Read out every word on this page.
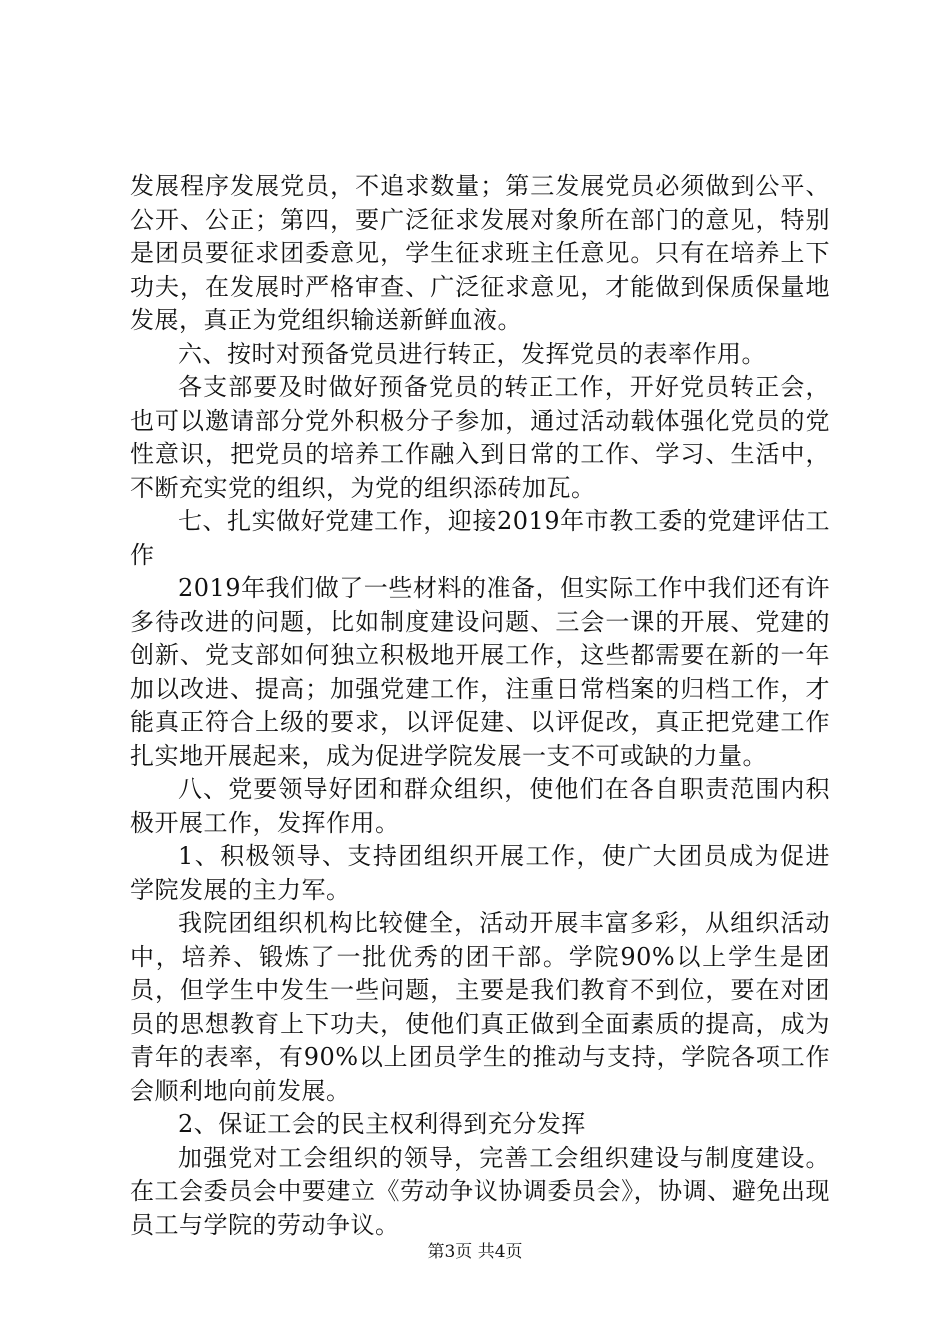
发展程序发展党员，不追求数量；第三发展党员必须做到公平、公开、公正；第四，要广泛征求发展对象所在部门的意见，特别是团员要征求团委意见，学生征求班主任意见。只有在培养上下功夫，在发展时严格审查、广泛征求意见，才能做到保质保量地发展，真正为党组织输送新鲜血液。

六、按时对预备党员进行转正，发挥党员的表率作用。

各支部要及时做好预备党员的转正工作，开好党员转正会，也可以邀请部分党外积极分子参加，通过活动载体强化党员的党性意识，把党员的培养工作融入到日常的工作、学习、生活中，不断充实党的组织，为党的组织添砖加瓦。

七、扎实做好党建工作，迎接2019年市教工委的党建评估工作

2019年我们做了一些材料的准备，但实际工作中我们还有许多待改进的问题，比如制度建设问题、三会一课的开展、党建的创新、党支部如何独立积极地开展工作，这些都需要在新的一年加以改进、提高；加强党建工作，注重日常档案的归档工作，才能真正符合上级的要求，以评促建、以评促改，真正把党建工作扎实地开展起来，成为促进学院发展一支不可或缺的力量。

八、党要领导好团和群众组织，使他们在各自职责范围内积极开展工作，发挥作用。

1、积极领导、支持团组织开展工作，使广大团员成为促进学院发展的主力军。

我院团组织机构比较健全，活动开展丰富多彩，从组织活动中，培养、锻炼了一批优秀的团干部。学院90%以上学生是团员，但学生中发生一些问题，主要是我们教育不到位，要在对团员的思想教育上下功夫，使他们真正做到全面素质的提高，成为青年的表率，有90%以上团员学生的推动与支持，学院各项工作会顺利地向前发展。

2、保证工会的民主权利得到充分发挥

加强党对工会组织的领导，完善工会组织建设与制度建设。在工会委员会中要建立《劳动争议协调委员会》，协调、避免出现员工与学院的劳动争议。

第3页 共4页
